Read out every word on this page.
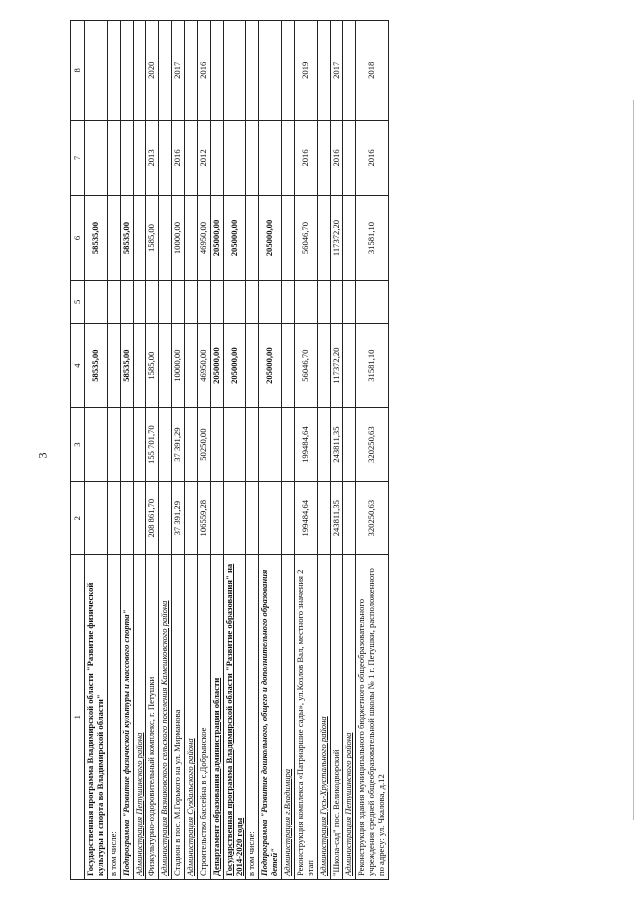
3
1	2	3	4	5	6	7	8
Государственная программа Владимирской области "Развитие физической культуры и спорта во Владимирской области"			58535,00		58535,00		
в том числе:							
Подпрограмма "Развитие физической культуры и массового спорта"			58535,00		58535,00		
Администрация Петушинского района							
Физкультурно-оздоровительный комплекс, г. Петушки	208 861,70	155 701,70	1585,00		1585,00	2013	2020
Администрация Вязниковского сельского поселения Камешковского района							
Стадион в пос. М.Горького на ул. Мирманова	37 391,29	37 391,29	10000,00		10000,00	2016	2017
Администрация Суздальского района							
Строительство бассейна в с.Добрынское	106559,28	50250,00	46950,00		46950,00	2012	2016
Департамент образования администрации области			205000,00		205000,00		
Государственная программа Владимирской области "Развитие образования" на 2014-2020 годы			205000,00		205000,00		
в том числе:							
Подпрограмма "Развитие дошкольного, общего и дополнительного образования детей"			205000,00		205000,00		
Администрация г.Владимира							
Реконструкция комплекса «Патриаршие сады», ул.Козлов Вал, местного значения 2 этап	199484,64	199484,64	56046,70		56046,70	2016	2019
Администрация Гусь-Хрустального района							
"Школа-сад" пос. Великодворский	243811,35	243811,35	117372,20		117372,20	2016	2017
Администрация Петушинского района							
Реконструкция здания муниципального бюджетного общеобразовательного учреждения средней общеобразовательной школы № 1 г. Петушки, расположенного по адресу: ул. Чкалова, д.12	320250,63	320250,63	31581,10		31581,10	2016	2018
